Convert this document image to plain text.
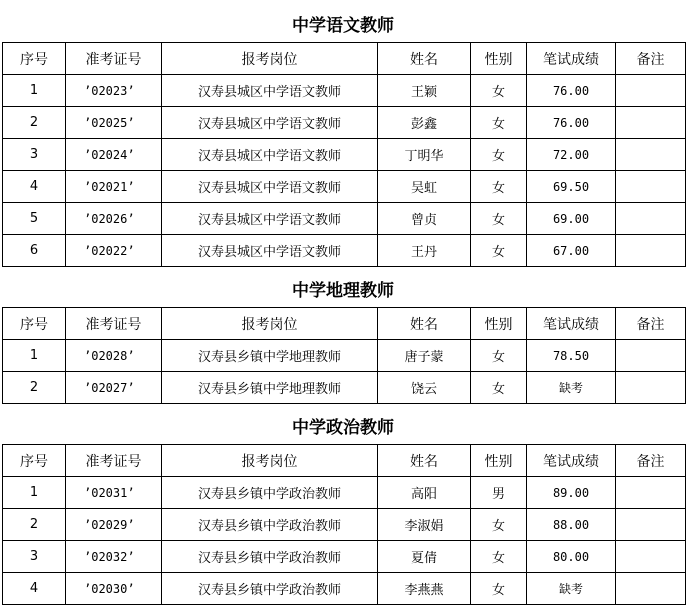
中学语文教师
序号	准考证号	报考岗位	姓名	性别	笔试成绩	备注
1	’02023’	汉寿县城区中学语文教师	王颖	女	76.00	
2	’02025’	汉寿县城区中学语文教师	彭鑫	女	76.00	
3	’02024’	汉寿县城区中学语文教师	丁明华	女	72.00	
4	’02021’	汉寿县城区中学语文教师	吴虹	女	69.50	
5	’02026’	汉寿县城区中学语文教师	曾贞	女	69.00	
6	’02022’	汉寿县城区中学语文教师	王丹	女	67.00	
中学地理教师
序号	准考证号	报考岗位	姓名	性别	笔试成绩	备注
1	’02028’	汉寿县乡镇中学地理教师	唐子蒙	女	78.50	
2	’02027’	汉寿县乡镇中学地理教师	饶云	女	缺考	
中学政治教师
序号	准考证号	报考岗位	姓名	性别	笔试成绩	备注
1	’02031’	汉寿县乡镇中学政治教师	高阳	男	89.00	
2	’02029’	汉寿县乡镇中学政治教师	李淑娟	女	88.00	
3	’02032’	汉寿县乡镇中学政治教师	夏倩	女	80.00	
4	’02030’	汉寿县乡镇中学政治教师	李燕燕	女	缺考	
